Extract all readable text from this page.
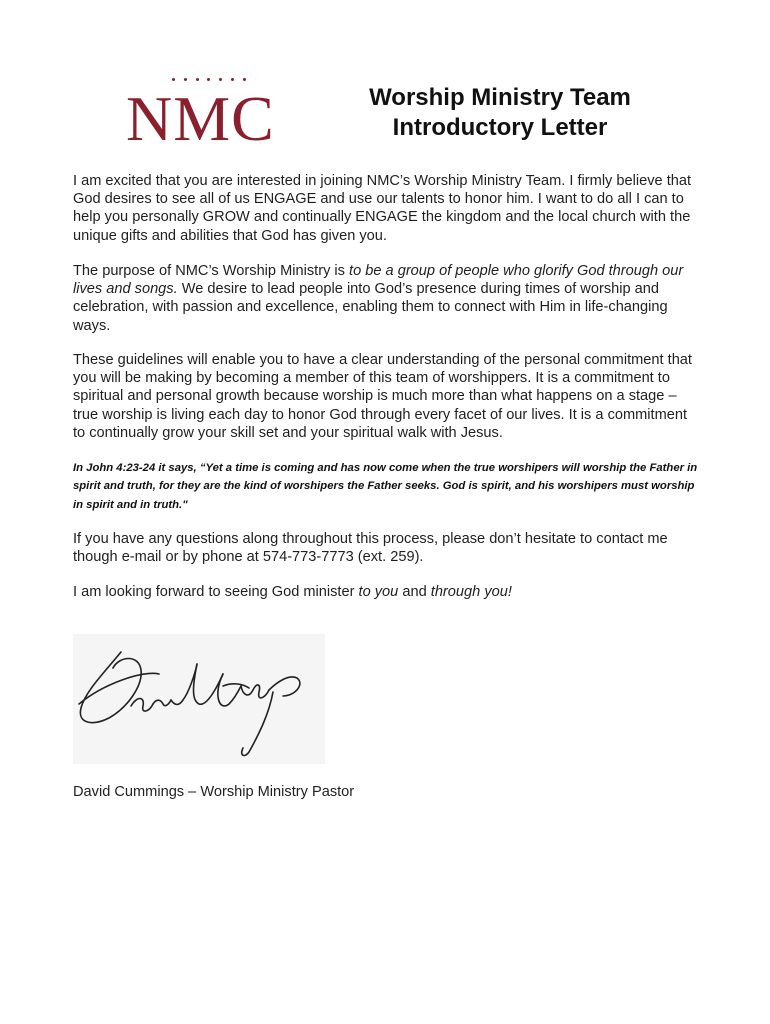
NMC	Worship Ministry Team
Introductory Letter

I am excited that you are interested in joining NMC’s Worship Ministry Team. I firmly believe that God desires to see all of us ENGAGE and use our talents to honor him. I want to do all I can to help you personally GROW and continually ENGAGE the kingdom and the local church with the unique gifts and abilities that God has given you.

The purpose of NMC’s Worship Ministry is to be a group of people who glorify God through our lives and songs. We desire to lead people into God’s presence during times of worship and celebration, with passion and excellence, enabling them to connect with Him in life-changing ways.

These guidelines will enable you to have a clear understanding of the personal commitment that you will be making by becoming a member of this team of worshippers. It is a commitment to spiritual and personal growth because worship is much more than what happens on a stage – true worship is living each day to honor God through every facet of our lives. It is a commitment to continually grow your skill set and your spiritual walk with Jesus.

In John 4:23-24 it says, “Yet a time is coming and has now come when the true worshipers will worship the Father in spirit and truth, for they are the kind of worshipers the Father seeks. God is spirit, and his worshipers must worship in spirit and in truth."

If you have any questions along throughout this process, please don’t hesitate to contact me though e-mail or by phone at 574-773-7773 (ext. 259).

I am looking forward to seeing God minister to you and through you!

David Cummings – Worship Ministry Pastor
